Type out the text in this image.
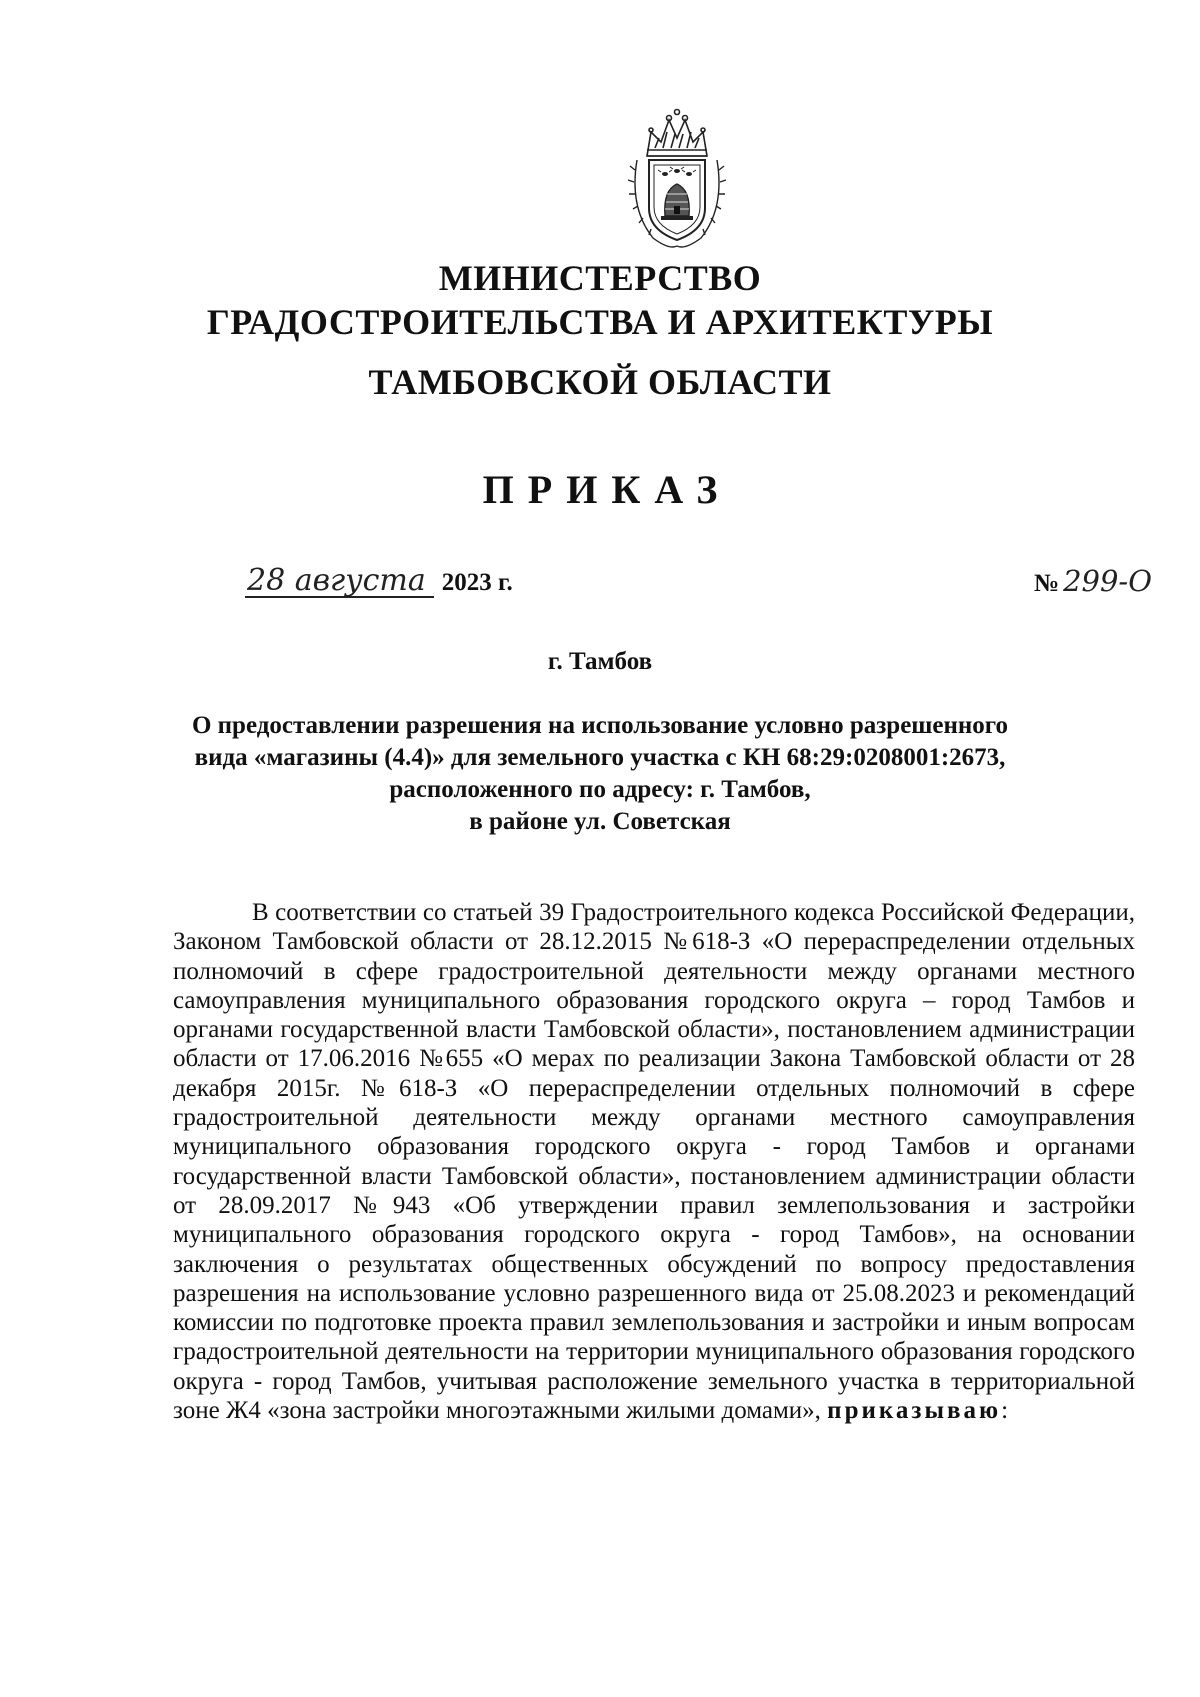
МИНИСТЕРСТВО
ГРАДОСТРОИТЕЛЬСТВА И АРХИТЕКТУРЫ
ТАМБОВСКОЙ ОБЛАСТИ
ПРИКАЗ
28 августа 2023 г.	№ 299-О
г. Тамбов
О предоставлении разрешения на использование условно разрешенного
вида «магазины (4.4)» для земельного участка с КН 68:29:0208001:2673,
расположенного по адресу: г. Тамбов,
в районе ул. Советская
В соответствии со статьей 39 Градостроительного кодекса Российской Федерации, Законом Тамбовской области от 28.12.2015 №618-З «О перераспределении отдельных полномочий в сфере градостроительной деятельности между органами местного самоуправления муниципального образования городского округа – город Тамбов и органами государственной власти Тамбовской области», постановлением администрации области от 17.06.2016 №655 «О мерах по реализации Закона Тамбовской области от 28 декабря 2015г. №618-З «О перераспределении отдельных полномочий в сфере градостроительной деятельности между органами местного самоуправления муниципального образования городского округа - город Тамбов и органами государственной власти Тамбовской области», постановлением администрации области от 28.09.2017 №943 «Об утверждении правил землепользования и застройки муниципального образования городского округа - город Тамбов», на основании заключения о результатах общественных обсуждений по вопросу предоставления разрешения на использование условно разрешенного вида от 25.08.2023 и рекомендаций комиссии по подготовке проекта правил землепользования и застройки и иным вопросам градостроительной деятельности на территории муниципального образования городского округа - город Тамбов, учитывая расположение земельного участка в территориальной зоне Ж4 «зона застройки многоэтажными жилыми домами», приказываю:
